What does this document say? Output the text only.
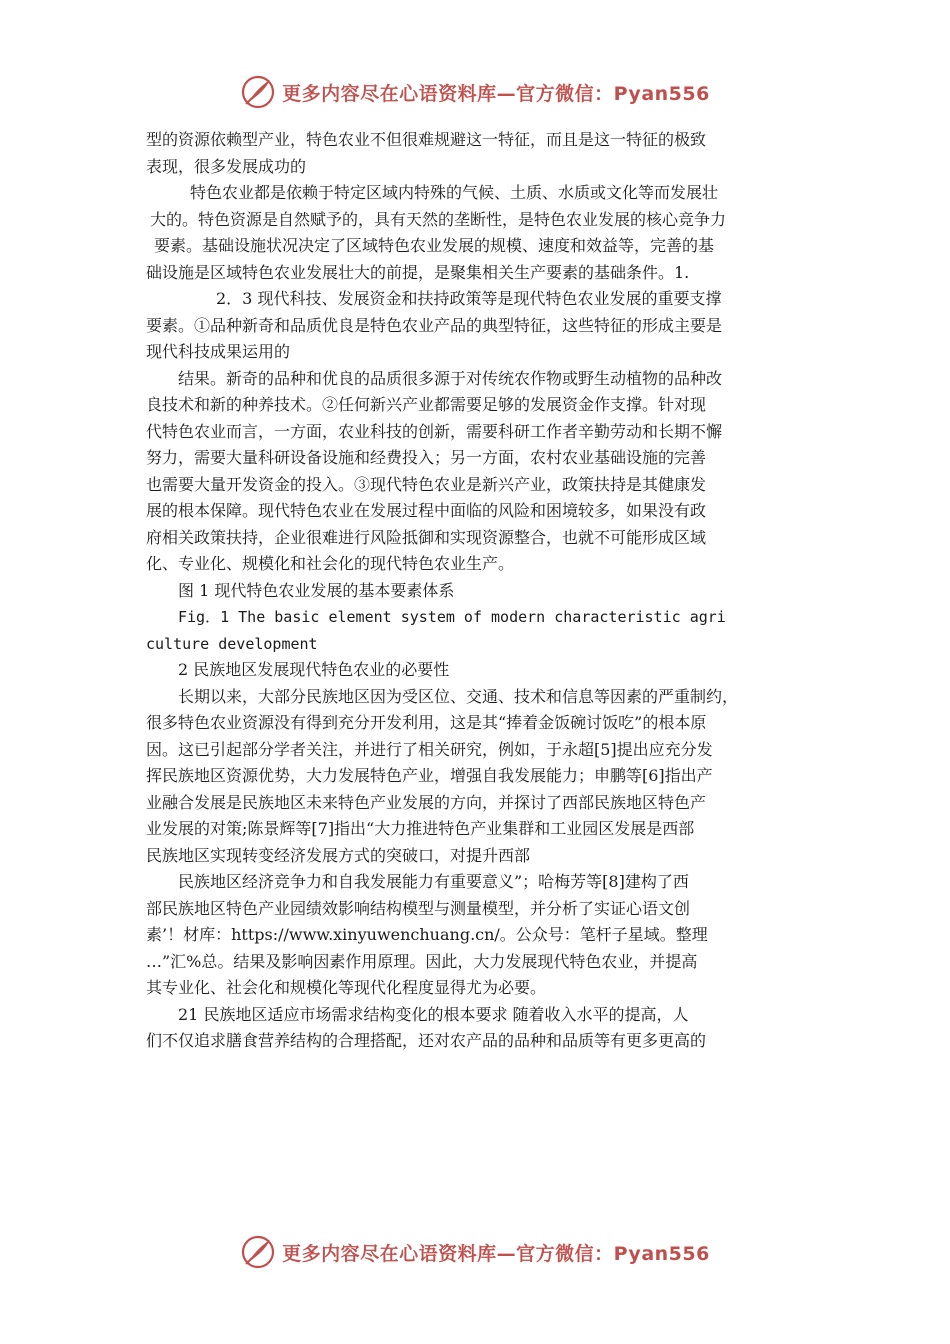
更多内容尽在心语资料库—官方微信：Pyan556
型的资源依赖型产业，特色农业不但很难规避这一特征，而且是这一特征的极致
表现，很多发展成功的
特色农业都是依赖于特定区域内特殊的气候、土质、水质或文化等而发展壮
大的。特色资源是自然赋予的，具有天然的垄断性，是特色农业发展的核心竞争力
要素。基础设施状况决定了区域特色农业发展的规模、速度和效益等，完善的基
础设施是区域特色农业发展壮大的前提，是聚集相关生产要素的基础条件。1.
2．3 现代科技、发展资金和扶持政策等是现代特色农业发展的重要支撑
要素。①品种新奇和品质优良是特色农业产品的典型特征，这些特征的形成主要是
现代科技成果运用的
结果。新奇的品种和优良的品质很多源于对传统农作物或野生动植物的品种改
良技术和新的种养技术。②任何新兴产业都需要足够的发展资金作支撑。针对现
代特色农业而言，一方面，农业科技的创新，需要科研工作者辛勤劳动和长期不懈
努力，需要大量科研设备设施和经费投入；另一方面，农村农业基础设施的完善
也需要大量开发资金的投入。③现代特色农业是新兴产业，政策扶持是其健康发
展的根本保障。现代特色农业在发展过程中面临的风险和困境较多，如果没有政
府相关政策扶持，企业很难进行风险抵御和实现资源整合，也就不可能形成区域
化、专业化、规模化和社会化的现代特色农业生产。
图 1 现代特色农业发展的基本要素体系
Fig．1 The basic element system of modern characteristic agri
culture development
2 民族地区发展现代特色农业的必要性
长期以来，大部分民族地区因为受区位、交通、技术和信息等因素的严重制约，
很多特色农业资源没有得到充分开发利用，这是其“捧着金饭碗讨饭吃”的根本原
因。这已引起部分学者关注，并进行了相关研究，例如，于永超[5]提出应充分发
挥民族地区资源优势，大力发展特色产业，增强自我发展能力；申鹏等[6]指出产
业融合发展是民族地区未来特色产业发展的方向，并探讨了西部民族地区特色产
业发展的对策;陈景辉等[7]指出“大力推进特色产业集群和工业园区发展是西部
民族地区实现转变经济发展方式的突破口，对提升西部
民族地区经济竞争力和自我发展能力有重要意义”；哈梅芳等[8]建构了西
部民族地区特色产业园绩效影响结构模型与测量模型，并分析了实证心语文创
素’！材库：https://www.xinyuwenchuang.cn/。公众号：笔杆子星域。整理
…”汇%总。结果及影响因素作用原理。因此，大力发展现代特色农业，并提高
其专业化、社会化和规模化等现代化程度显得尤为必要。
21 民族地区适应市场需求结构变化的根本要求 随着收入水平的提高，人
们不仅追求膳食营养结构的合理搭配，还对农产品的品种和品质等有更多更高的
更多内容尽在心语资料库—官方微信：Pyan556
